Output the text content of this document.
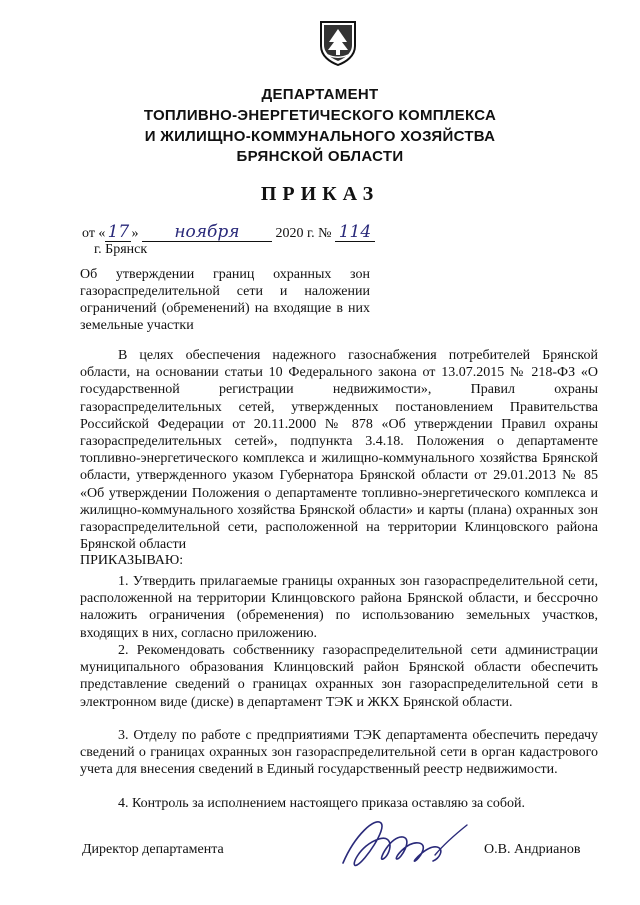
ДЕПАРТАМЕНТ
ТОПЛИВНО-ЭНЕРГЕТИЧЕСКОГО КОМПЛЕКСА
И ЖИЛИЩНО-КОММУНАЛЬНОГО ХОЗЯЙСТВА
БРЯНСКОЙ ОБЛАСТИ
ПРИКАЗ
от « 17 » ноября	2020 г. № 114
г. Брянск
Об утверждении границ охранных зон газораспределительной сети и наложении ограничений (обременений) на входящие в них земельные участки

В целях обеспечения надежного газоснабжения потребителей Брянской области, на основании статьи 10 Федерального закона от 13.07.2015 № 218-ФЗ «О государственной регистрации недвижимости», Правил охраны газораспределительных сетей, утвержденных постановлением Правительства Российской Федерации от 20.11.2000 № 878 «Об утверждении Правил охраны газораспределительных сетей», подпункта 3.4.18. Положения о департаменте топливно-энергетического комплекса и жилищно-коммунального хозяйства Брянской области, утвержденного указом Губернатора Брянской области от 29.01.2013 № 85 «Об утверждении Положения о департаменте топливно-энергетического комплекса и жилищно-коммунального хозяйства Брянской области» и карты (плана) охранных зон газораспределительной сети, расположенной на территории Клинцовского района Брянской области

ПРИКАЗЫВАЮ:

1. Утвердить прилагаемые границы охранных зон газораспределительной сети, расположенной на территории Клинцовского района Брянской области, и бессрочно наложить ограничения (обременения) по использованию земельных участков, входящих в них, согласно приложению.

2. Рекомендовать собственнику газораспределительной сети администрации муниципального образования Клинцовский район Брянской области обеспечить представление сведений о границах охранных зон газораспределительной сети в электронном виде (диске) в департамент ТЭК и ЖКХ Брянской области.

3. Отделу по работе с предприятиями ТЭК департамента обеспечить передачу сведений о границах охранных зон газораспределительной сети в орган кадастрового учета для внесения сведений в Единый государственный реестр недвижимости.

4. Контроль за исполнением настоящего приказа оставляю за собой.

Директор департамента	О.В. Андрианов
